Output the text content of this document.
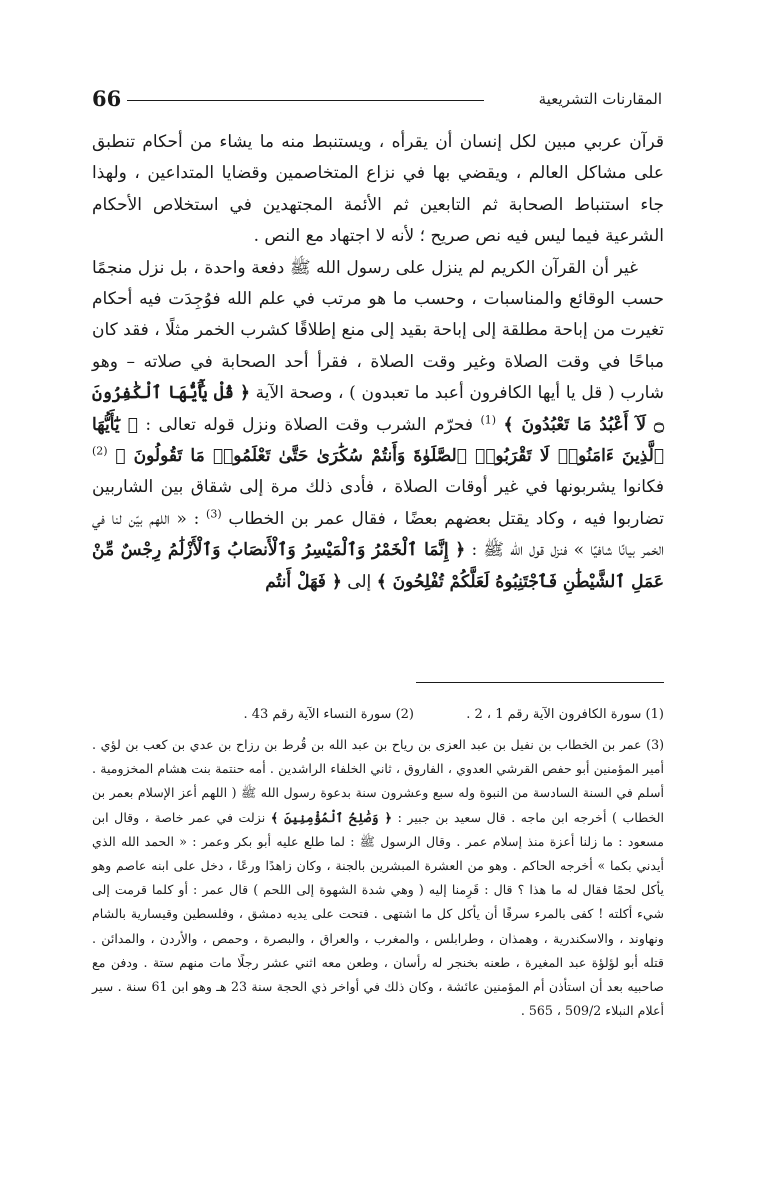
66	المقارنات التشريعية

قرآن عربي مبين لكل إنسان أن يقرأه ، ويستنبط منه ما يشاء من أحكام تنطبق على مشاكل العالم ، ويقضي بها في نزاع المتخاصمين وقضايا المتداعين ، ولهذا جاء استنباط الصحابة ثم التابعين ثم الأئمة المجتهدين في استخلاص الأحكام الشرعية فيما ليس فيه نص صريح ؛ لأنه لا اجتهاد مع النص .

غير أن القرآن الكريم لم ينزل على رسول الله ﷺ دفعة واحدة ، بل نزل منجمًا حسب الوقائع والمناسبات ، وحسب ما هو مرتب في علم الله فوُجِدَت فيه أحكام تغيرت من إباحة مطلقة إلى إباحة بقيد إلى منع إطلاقًا كشرب الخمر مثلًا ، فقد كان مباحًا في وقت الصلاة وغير وقت الصلاة ، فقرأ أحد الصحابة في صلاته – وهو شارب ( قل يا أيها الكافرون أعبد ما تعبدون ) ، وصحة الآية ﴿ قُلْ يَٰٓأَيُّهَا ٱلْكَٰفِرُونَ ۝ لَآ أَعْبُدُ مَا تَعْبُدُونَ ﴾ $^{(1)}$ فحرّم الشرب وقت الصلاة ونزل قوله تعالى : ﴿ يَٰٓأَيُّهَا ٱلَّذِينَ ءَامَنُوا۟ لَا تَقْرَبُوا۟ ٱلصَّلَوٰةَ وَأَنتُمْ سُكَٰرَىٰ حَتَّىٰ تَعْلَمُوا۟ مَا تَقُولُونَ ﴾ $^{(2)}$ فكانوا يشربونها في غير أوقات الصلاة ، فأدى ذلك مرة إلى شقاق بين الشاربين تضاربوا فيه ، وكاد يقتل بعضهم بعضًا ، فقال عمر بن الخطاب $^{(3)}$ : « اللهم بيّن لنا في الخمر بيانًا شافيًا » فنزل قول الله ﷺ : ﴿ إِنَّمَا ٱلْخَمْرُ وَٱلْمَيْسِرُ وَٱلْأَنصَابُ وَٱلْأَزْلَٰمُ رِجْسٌ مِّنْ عَمَلِ ٱلشَّيْطَٰنِ فَٱجْتَنِبُوهُ لَعَلَّكُمْ تُفْلِحُونَ ﴾ إلى ﴿ فَهَلْ أَنتُم

(1) سورة الكافرون الآية رقم 1 ، 2 .
(2) سورة النساء الآية رقم 43 .

(3) عمر بن الخطاب بن نفيل بن عبد العزى بن رياح بن عبد الله بن قُرط بن رزاح بن عدي بن كعب بن لؤي . أمير المؤمنين أبو حفص القرشي العدوي ، الفاروق ، ثاني الخلفاء الراشدين . أمه حنتمة بنت هشام المخزومية . أسلم في السنة السادسة من النبوة وله سبع وعشرون سنة بدعوة رسول الله ﷺ ( اللهم أعز الإسلام بعمر بن الخطاب ) أخرجه ابن ماجه . قال سعيد بن جبير : ﴿ وَصَٰلِحُ ٱلْمُؤْمِنِينَ ﴾ نزلت في عمر خاصة ، وقال ابن مسعود : ما زلنا أعزة منذ إسلام عمر . وقال الرسول ﷺ : لما طلع عليه أبو بكر وعمر : « الحمد الله الذي أيدني بكما » أخرجه الحاكم . وهو من العشرة المبشرين بالجنة ، وكان زاهدًا ورعًا ، دخل على ابنه عاصم وهو يأكل لحمًا فقال له ما هذا ؟ قال : قَرِمنا إليه ( وهي شدة الشهوة إلى اللحم ) قال عمر : أو كلما قرمت إلى شيء أكلته ! كفى بالمرء سرفًا أن يأكل كل ما اشتهى . فتحت على يديه دمشق ، وفلسطين وقيسارية بالشام ونهاوند ، والاسكندرية ، وهمذان ، وطرابلس ، والمغرب ، والعراق ، والبصرة ، وحمص ، والأردن ، والمدائن . قتله أبو لؤلؤة عبد المغيرة ، طعنه بخنجر له رأسان ، وطعن معه اثني عشر رجلًا مات منهم ستة . ودفن مع صاحبيه بعد أن استأذن أم المؤمنين عائشة ، وكان ذلك في أواخر ذي الحجة سنة 23 هـ وهو ابن 61 سنة . سير أعلام النبلاء 509/2 ، 565 .
